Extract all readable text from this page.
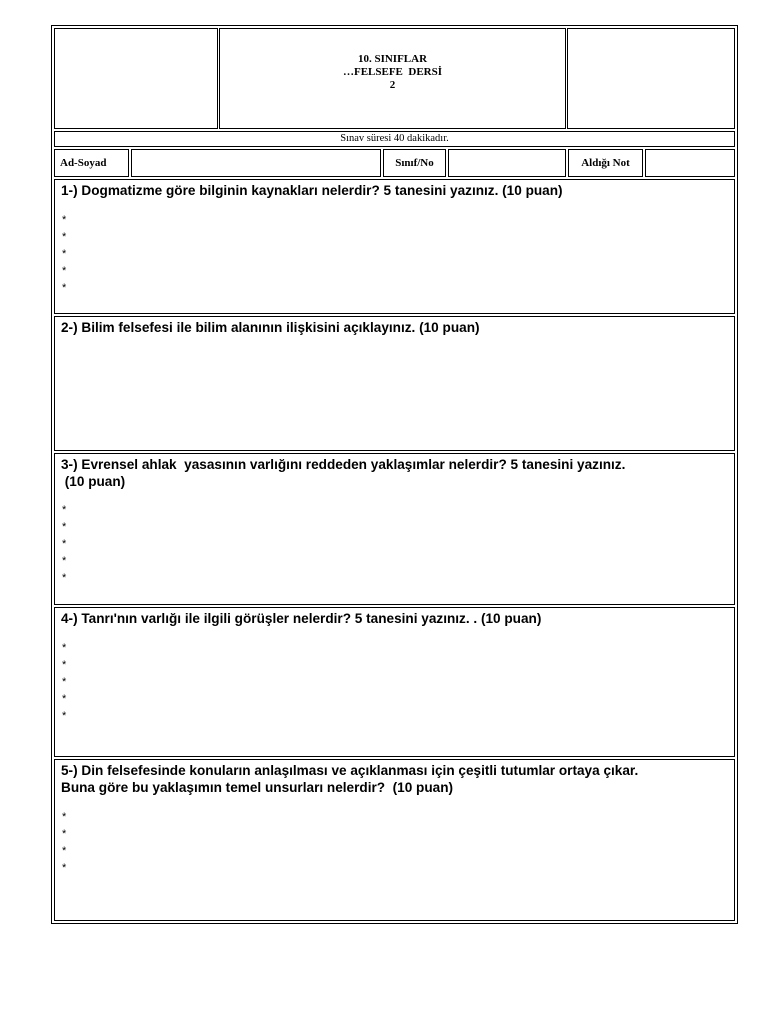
10. SINIFLAR
…FELSEFE  DERSİ
2
Sınav süresi 40 dakikadır.
Ad-Soyad	Sınıf/No	Aldığı Not
1-) Dogmatizme göre bilginin kaynakları nelerdir? 5 tanesini yazınız. (10 puan)
*
*
*
*
*
2-) Bilim felsefesi ile bilim alanının ilişkisini açıklayınız. (10 puan)
3-) Evrensel ahlak  yasasının varlığını reddeden yaklaşımlar nelerdir? 5 tanesini yazınız.
(10 puan)
*
*
*
*
*
4-) Tanrı'nın varlığı ile ilgili görüşler nelerdir? 5 tanesini yazınız. . (10 puan)
*
*
*
*
*
5-) Din felsefesinde konuların anlaşılması ve açıklanması için çeşitli tutumlar ortaya çıkar.
Buna göre bu yaklaşımın temel unsurları nelerdir?  (10 puan)
*
*
*
*
